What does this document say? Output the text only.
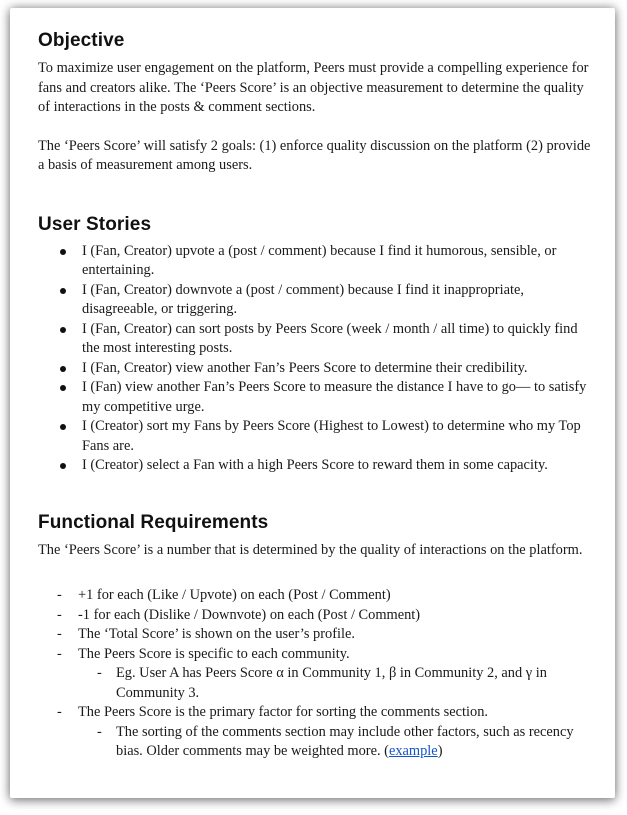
Objective

To maximize user engagement on the platform, Peers must provide a compelling experience for fans and creators alike. The ‘Peers Score’ is an objective measurement to determine the quality of interactions in the posts & comment sections.

The ‘Peers Score’ will satisfy 2 goals: (1) enforce quality discussion on the platform (2) provide a basis of measurement among users.

User Stories
I (Fan, Creator) upvote a (post / comment) because I find it humorous, sensible, or entertaining.
I (Fan, Creator) downvote a (post / comment) because I find it inappropriate, disagreeable, or triggering.
I (Fan, Creator) can sort posts by Peers Score (week / month / all time) to quickly find the most interesting posts.
I (Fan, Creator) view another Fan’s Peers Score to determine their credibility.
I (Fan) view another Fan’s Peers Score to measure the distance I have to go— to satisfy my competitive urge.
I (Creator) sort my Fans by Peers Score (Highest to Lowest) to determine who my Top Fans are.
I (Creator) select a Fan with a high Peers Score to reward them in some capacity.
Functional Requirements

The ‘Peers Score’ is a number that is determined by the quality of interactions on the platform.

- +1 for each (Like / Upvote) on each (Post / Comment)
- -1 for each (Dislike / Downvote) on each (Post / Comment)
- The ‘Total Score’ is shown on the user’s profile.
- The Peers Score is specific to each community.
- Eg. User A has Peers Score α in Community 1, β in Community 2, and γ in Community 3.
- The Peers Score is the primary factor for sorting the comments section.
- The sorting of the comments section may include other factors, such as recency bias. Older comments may be weighted more. (example)
